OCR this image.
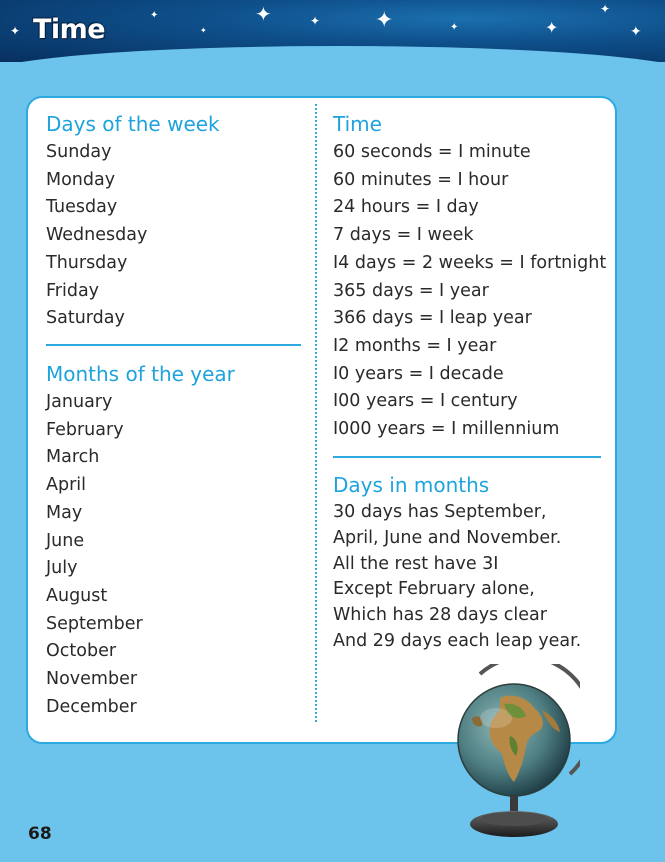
✦	✦ ✦	✦	✦
✦
✦
✦
✦
✦ Time
Days of the week
Sunday
Monday
Tuesday
Wednesday
Thursday
Friday
Saturday
Months of the year
January
February
March
April
May
June
July
August
September
October
November
December
Time
60 seconds = I minute
60 minutes = I hour
24 hours = I day
7 days = I week
I4 days = 2 weeks = I fortnight
365 days = I year
366 days = I leap year
I2 months = I year
I0 years = I decade
I00 years = I century
I000 years = I millennium
Days in months
30 days has September,
April, June and November.
All the rest have 3I
Except February alone,
Which has 28 days clear
And 29 days each leap year.
68
